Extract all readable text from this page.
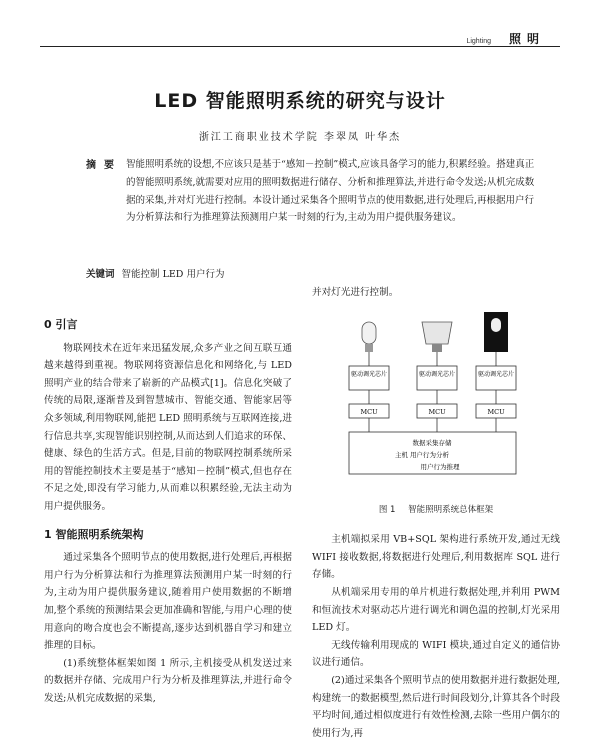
Lighting 照明
LED 智能照明系统的研究与设计
浙江工商职业技术学院 李翠凤 叶华杰
摘要 智能照明系统的设想,不应该只是基于“感知－控制”模式,应该具备学习的能力,积累经验。搭建真正的智能照明系统,就需要对应用的照明数据进行储存、分析和推理算法,并进行命令发送;从机完成数据的采集,并对灯光进行控制。本设计通过采集各个照明节点的使用数据,进行处理后,再根据用户行为分析算法和行为推理算法预测用户某一时刻的行为,主动为用户提供服务建议。
关键词 智能控制 LED 用户行为
0 引言

物联网技术在近年来迅猛发展,众多产业之间互联互通越来越得到重视。物联网将资源信息化和网络化,与 LED 照明产业的结合带来了崭新的产品模式[1]。信息化突破了传统的局限,逐渐普及到智慧城市、智能交通、智能家居等众多领域,利用物联网,能把 LED 照明系统与互联网连接,进行信息共享,实现智能识别控制,从而达到人们追求的环保、健康、绿色的生活方式。但是,目前的物联网控制系统所采用的智能控制技术主要是基于“感知－控制”模式,但也存在不足之处,即没有学习能力,从而难以积累经验,无法主动为用户提供服务。

1 智能照明系统架构

通过采集各个照明节点的使用数据,进行处理后,再根据用户行为分析算法和行为推理算法预测用户某一时刻的行为,主动为用户提供服务建议,随着用户使用数据的不断增加,整个系统的预测结果会更加准确和智能,与用户心理的使用意向的吻合度也会不断提高,逐步达到机器自学习和建立推理的目标。

(1)系统整体框架如图 1 所示,主机接受从机发送过来的数据并存储、完成用户行为分析及推理算法,并进行命令发送;从机完成数据的采集,

并对灯光进行控制。

驱动调光芯片	驱动调光芯片	驱动调光芯片
MCU	MCU	MCU
数据采集存储
主机 用户行为分析
用户行为推理
图 1 智能照明系统总体框架

主机端拟采用 VB+SQL 架构进行系统开发,通过无线 WIFI 接收数据,将数据进行处理后,利用数据库 SQL 进行存储。

从机端采用专用的单片机进行数据处理,并利用 PWM 和恒流技术对驱动芯片进行调光和调色温的控制,灯光采用 LED 灯。

无线传输利用现成的 WIFI 模块,通过自定义的通信协议进行通信。

(2)通过采集各个照明节点的使用数据并进行数据处理,构建统一的数据模型,然后进行时间段划分,计算其各个时段平均时间,通过相似度进行有效性检测,去除一些用户偶尔的使用行为,再
